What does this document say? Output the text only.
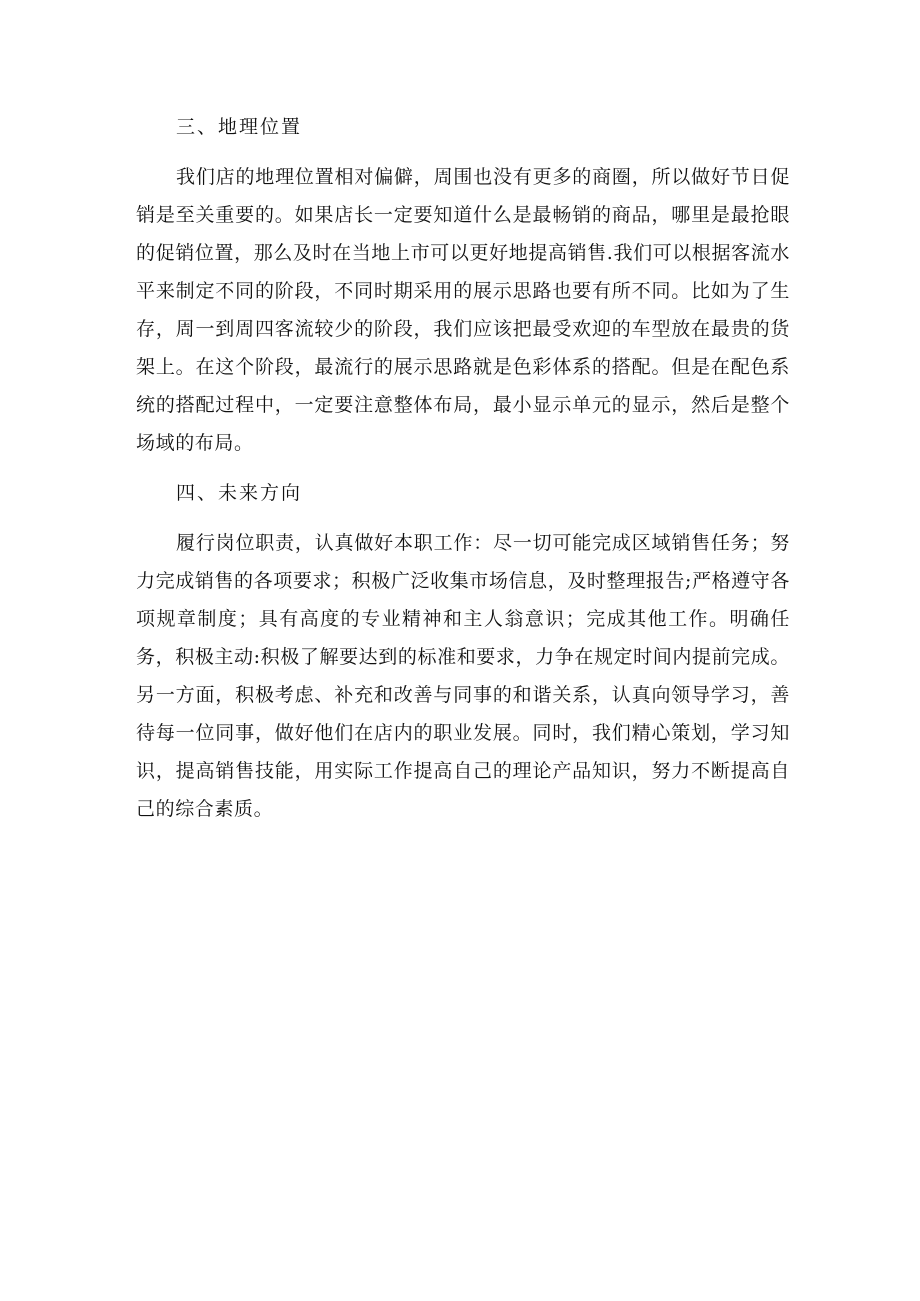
三、地理位置

我们店的地理位置相对偏僻，周围也没有更多的商圈，所以做好节日促销是至关重要的。如果店长一定要知道什么是最畅销的商品，哪里是最抢眼的促销位置，那么及时在当地上市可以更好地提高销售.我们可以根据客流水平来制定不同的阶段，不同时期采用的展示思路也要有所不同。比如为了生存，周一到周四客流较少的阶段，我们应该把最受欢迎的车型放在最贵的货架上。在这个阶段，最流行的展示思路就是色彩体系的搭配。但是在配色系统的搭配过程中，一定要注意整体布局，最小显示单元的显示，然后是整个场域的布局。

四、未来方向

履行岗位职责，认真做好本职工作：尽一切可能完成区域销售任务；努力完成销售的各项要求；积极广泛收集市场信息，及时整理报告;严格遵守各项规章制度；具有高度的专业精神和主人翁意识；完成其他工作。明确任务，积极主动:积极了解要达到的标准和要求，力争在规定时间内提前完成。另一方面，积极考虑、补充和改善与同事的和谐关系，认真向领导学习，善待每一位同事，做好他们在店内的职业发展。同时，我们精心策划，学习知识，提高销售技能，用实际工作提高自己的理论产品知识，努力不断提高自己的综合素质。
